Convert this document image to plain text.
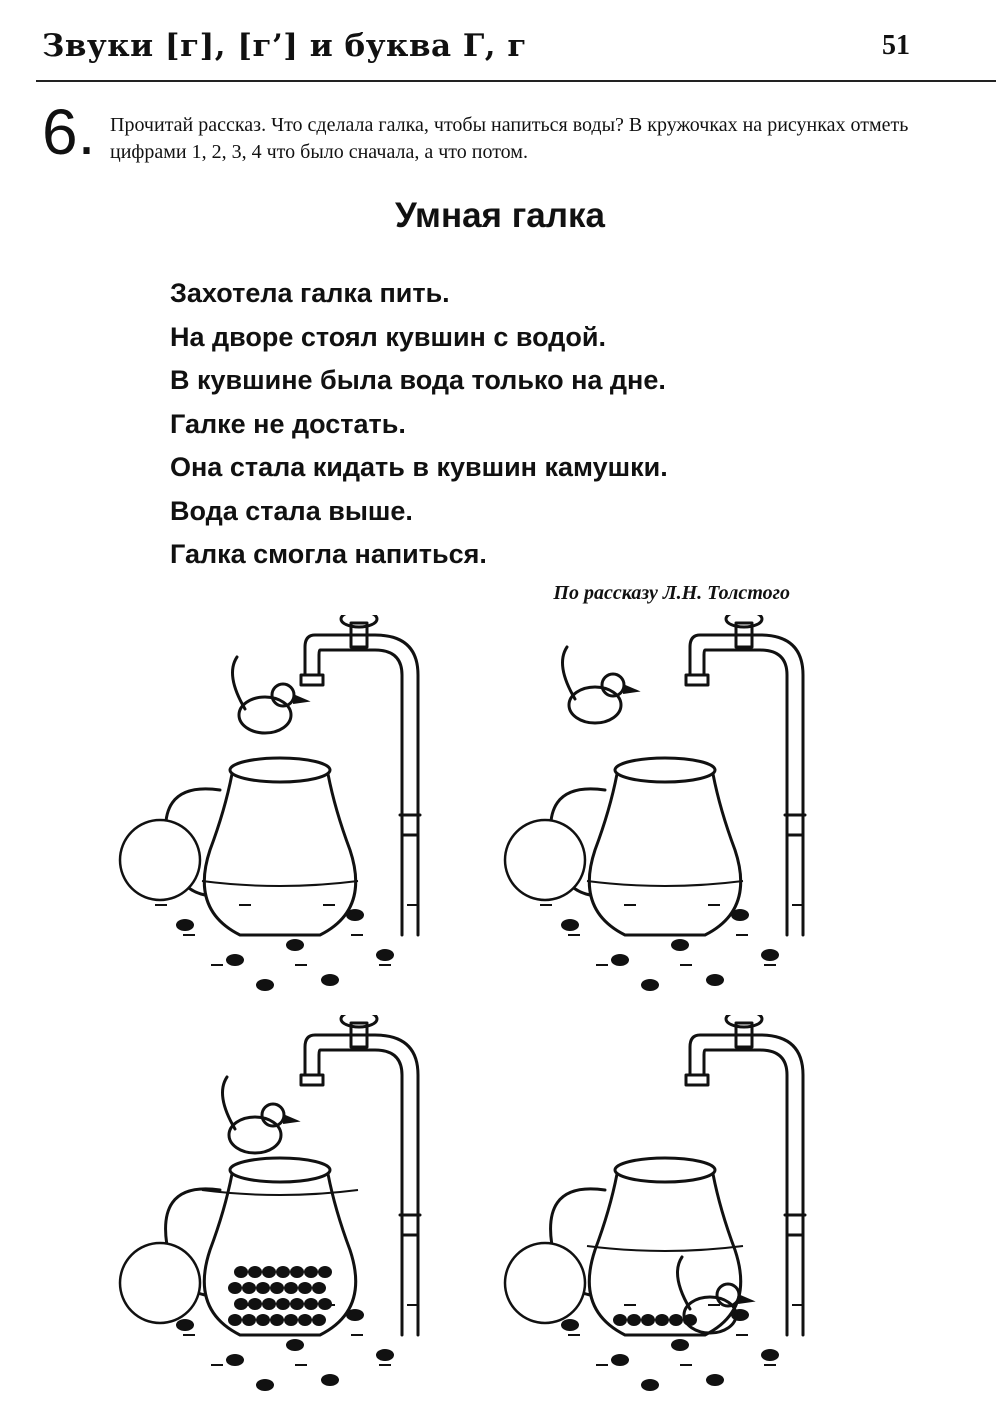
Звуки [г], [г’] и буква Г, г	51
6. Прочитай рассказ. Что сделала галка, чтобы напиться воды? В кружочках на рисунках отметь цифрами 1, 2, 3, 4 что было сначала, а что потом.
Умная галка
Захотела галка пить.
На дворе стоял кувшин с водой.
В кувшине была вода только на дне.
Галке не достать.
Она стала кидать в кувшин камушки.
Вода стала выше.
Галка смогла напиться.
По рассказу Л.Н. Толстого
